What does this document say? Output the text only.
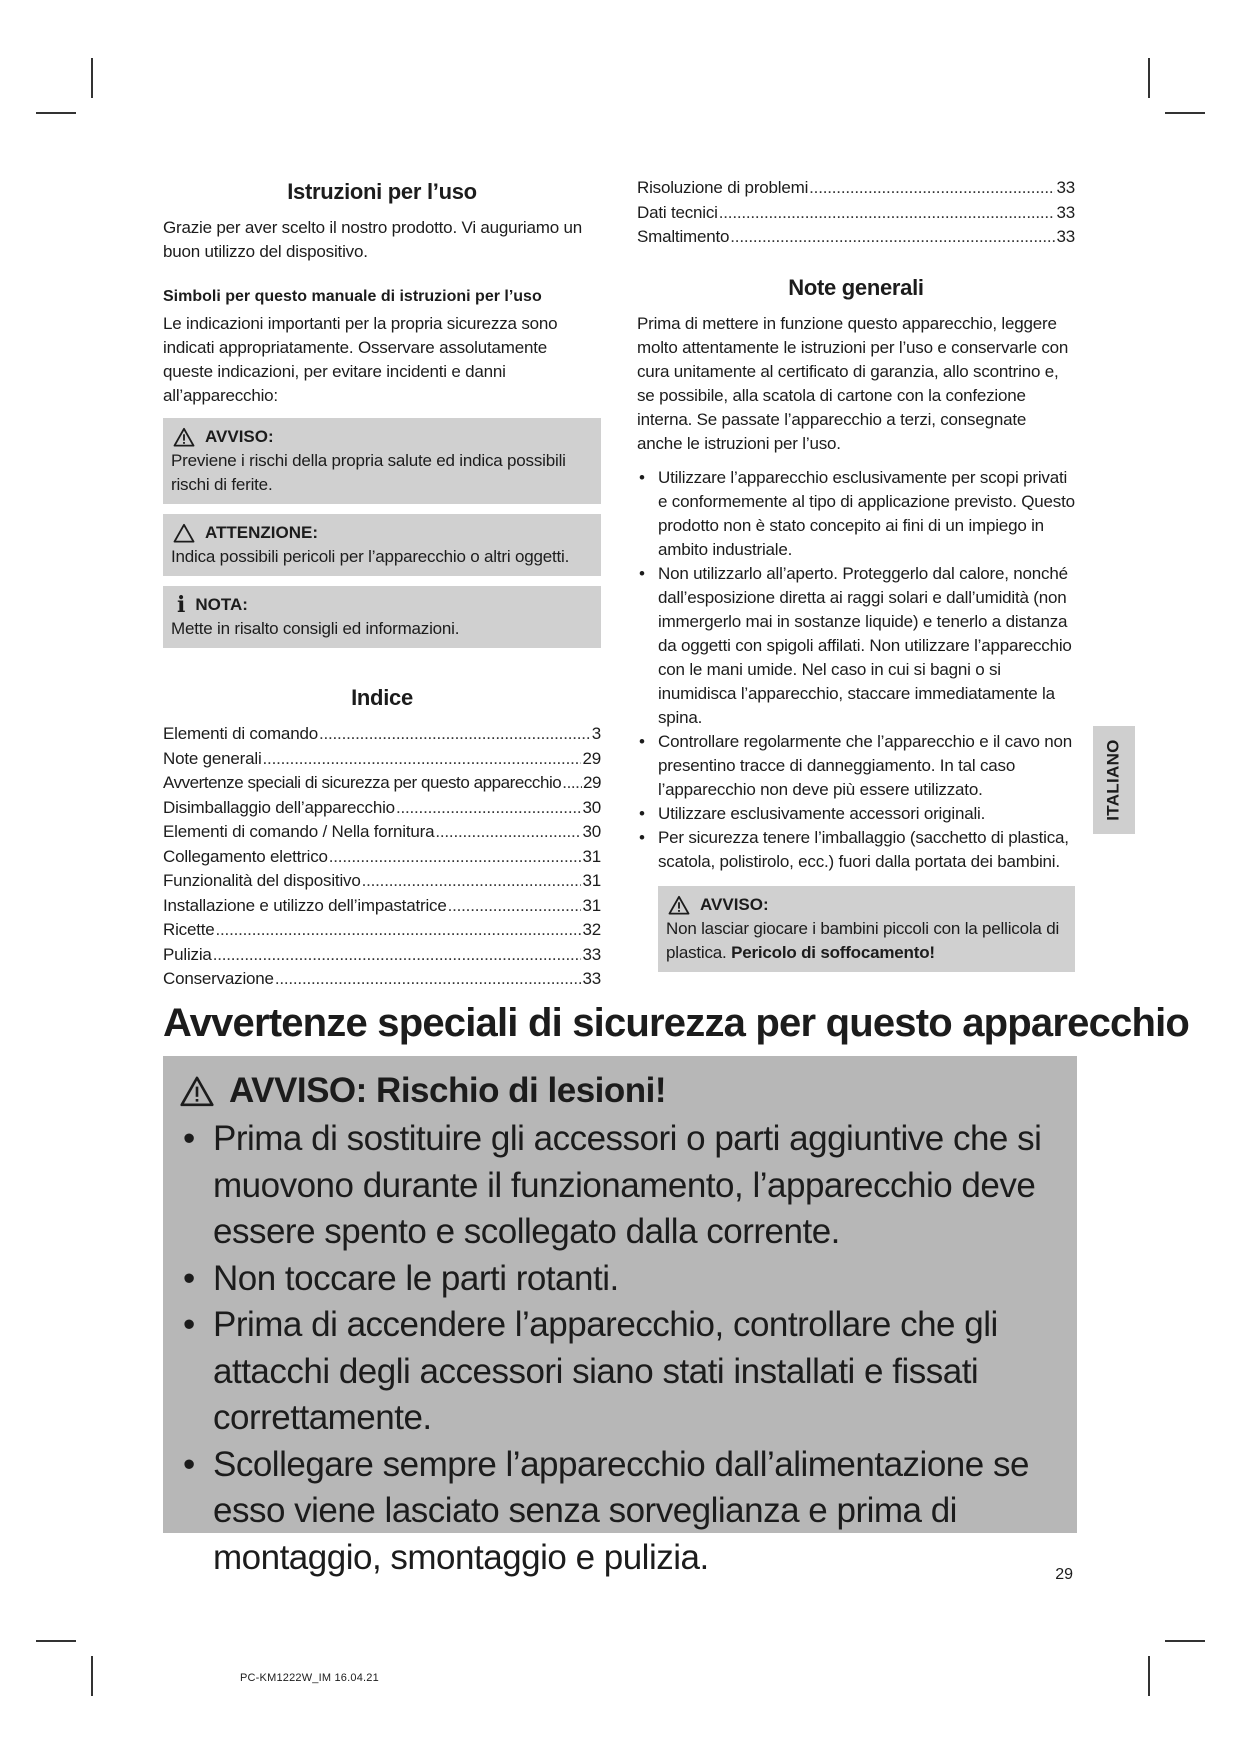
Istruzioni per l’uso

Grazie per aver scelto il nostro prodotto. Vi auguriamo un buon utilizzo del dispositivo.

Simboli per questo manuale di istruzioni per l’uso

Le indicazioni importanti per la propria sicurezza sono indicati appropriatamente. Osservare assolutamente queste indicazioni, per evitare incidenti e danni all’apparecchio:

AVVISO:
Previene i rischi della propria salute ed indica possibili rischi di ferite.
ATTENZIONE:
Indica possibili pericoli per l’apparecchio o altri oggetti.
i NOTA:
Mette in risalto consigli ed informazioni.
Indice
Elementi di comando .....	3
Note generali .....	29
Avvertenze speciali di sicurezza per questo apparecchio ..... 29
Disimballaggio dell’apparecchio .....	30
Elementi di comando / Nella fornitura .....	30
Collegamento elettrico .....	31
Funzionalità del dispositivo .....	31
Installazione e utilizzo dell’impastatrice .....	31
Ricette .....	32
Pulizia .....	33
Conservazione .....	33
Risoluzione di problemi .....	33
Dati tecnici .....	33
Smaltimento .....	33
Note generali

Prima di mettere in funzione questo apparecchio, leggere molto attentamente le istruzioni per l’uso e conservarle con cura unitamente al certificato di garanzia, allo scontrino e, se possibile, alla scatola di cartone con la confezione interna. Se passate l’apparecchio a terzi, consegnate anche le istruzioni per l’uso.

• Utilizzare l’apparecchio esclusivamente per scopi privati e conformemente al tipo di applicazione previsto. Questo prodotto non è stato concepito ai fini di un impiego in ambito industriale.
• Non utilizzarlo all’aperto. Proteggerlo dal calore, nonché dall’esposizione diretta ai raggi solari e dall’umidità (non immergerlo mai in sostanze liquide) e tenerlo a distanza da oggetti con spigoli affilati. Non utilizzare l’apparecchio con le mani umide. Nel caso in cui si bagni o si inumidisca l’apparecchio, staccare immediatamente la spina.
• Controllare regolarmente che l’apparecchio e il cavo non presentino tracce di danneggiamento. In tal caso l’apparecchio non deve più essere utilizzato.
• Utilizzare esclusivamente accessori originali.
• Per sicurezza tenere l’imballaggio (sacchetto di plastica, scatola, polistirolo, ecc.) fuori dalla portata dei bambini.
AVVISO:
Non lasciar giocare i bambini piccoli con la pellicola di plastica. Pericolo di soffocamento!
ITALIANO
Avvertenze speciali di sicurezza per questo apparecchio
AVVISO: Rischio di lesioni!
• Prima di sostituire gli accessori o parti aggiuntive che si muovono durante il funzionamento, l’apparecchio deve essere spento e scollegato dalla corrente.
• Non toccare le parti rotanti.
• Prima di accendere l’apparecchio, controllare che gli attacchi degli accessori siano stati installati e fissati correttamente.
• Scollegare sempre l’apparecchio dall’alimentazione se esso viene lasciato senza sorveglianza e prima di montaggio, smontaggio e pulizia.	29
PC-KM1222W_IM 16.04.21
